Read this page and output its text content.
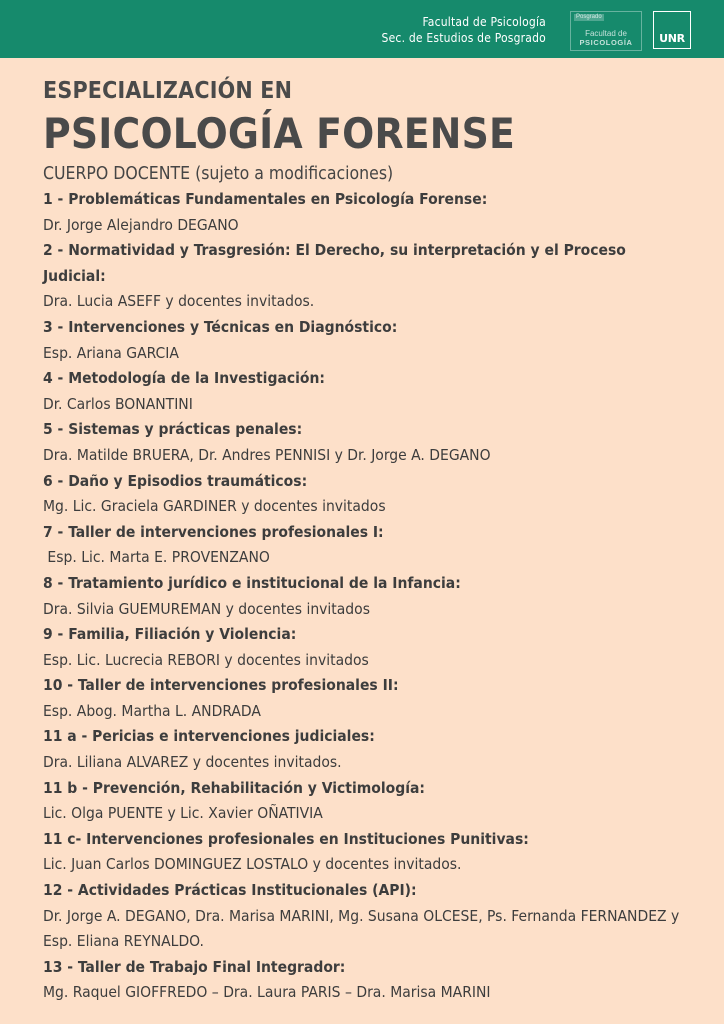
Facultad de Psicología
Sec. de Estudios de Posgrado
Posgrado
Facultad de
PSICOLOGÍA	UNR
ESPECIALIZACIÓN EN
PSICOLOGÍA FORENSE
CUERPO DOCENTE (sujeto a modificaciones)
1 - Problemáticas Fundamentales en Psicología Forense:
Dr. Jorge Alejandro DEGANO
2 - Normatividad y Trasgresión: El Derecho, su interpretación y el Proceso Judicial:
Dra. Lucia ASEFF y docentes invitados.
3 - Intervenciones y Técnicas en Diagnóstico:
Esp. Ariana GARCIA
4 - Metodología de la Investigación:
Dr. Carlos BONANTINI
5 - Sistemas y prácticas penales:
Dra. Matilde BRUERA, Dr. Andres PENNISI y Dr. Jorge A. DEGANO
6 - Daño y Episodios traumáticos:
Mg. Lic. Graciela GARDINER y docentes invitados
7 - Taller de intervenciones profesionales I:
Esp. Lic. Marta E. PROVENZANO
8 - Tratamiento jurídico e institucional de la Infancia:
Dra. Silvia GUEMUREMAN y docentes invitados
9 - Familia, Filiación y Violencia:
Esp. Lic. Lucrecia REBORI y docentes invitados
10 - Taller de intervenciones profesionales II:
Esp. Abog. Martha L. ANDRADA
11 a - Pericias e intervenciones judiciales:
Dra. Liliana ALVAREZ y docentes invitados.
11 b - Prevención, Rehabilitación y Victimología:
Lic. Olga PUENTE y Lic. Xavier OÑATIVIA
11 c- Intervenciones profesionales en Instituciones Punitivas:
Lic. Juan Carlos DOMINGUEZ LOSTALO y docentes invitados.
12 - Actividades Prácticas Institucionales (API):
Dr. Jorge A. DEGANO, Dra. Marisa MARINI, Mg. Susana OLCESE, Ps. Fernanda FERNANDEZ y Esp. Eliana REYNALDO.
13 - Taller de Trabajo Final Integrador:
Mg. Raquel GIOFFREDO – Dra. Laura PARIS – Dra. Marisa MARINI
